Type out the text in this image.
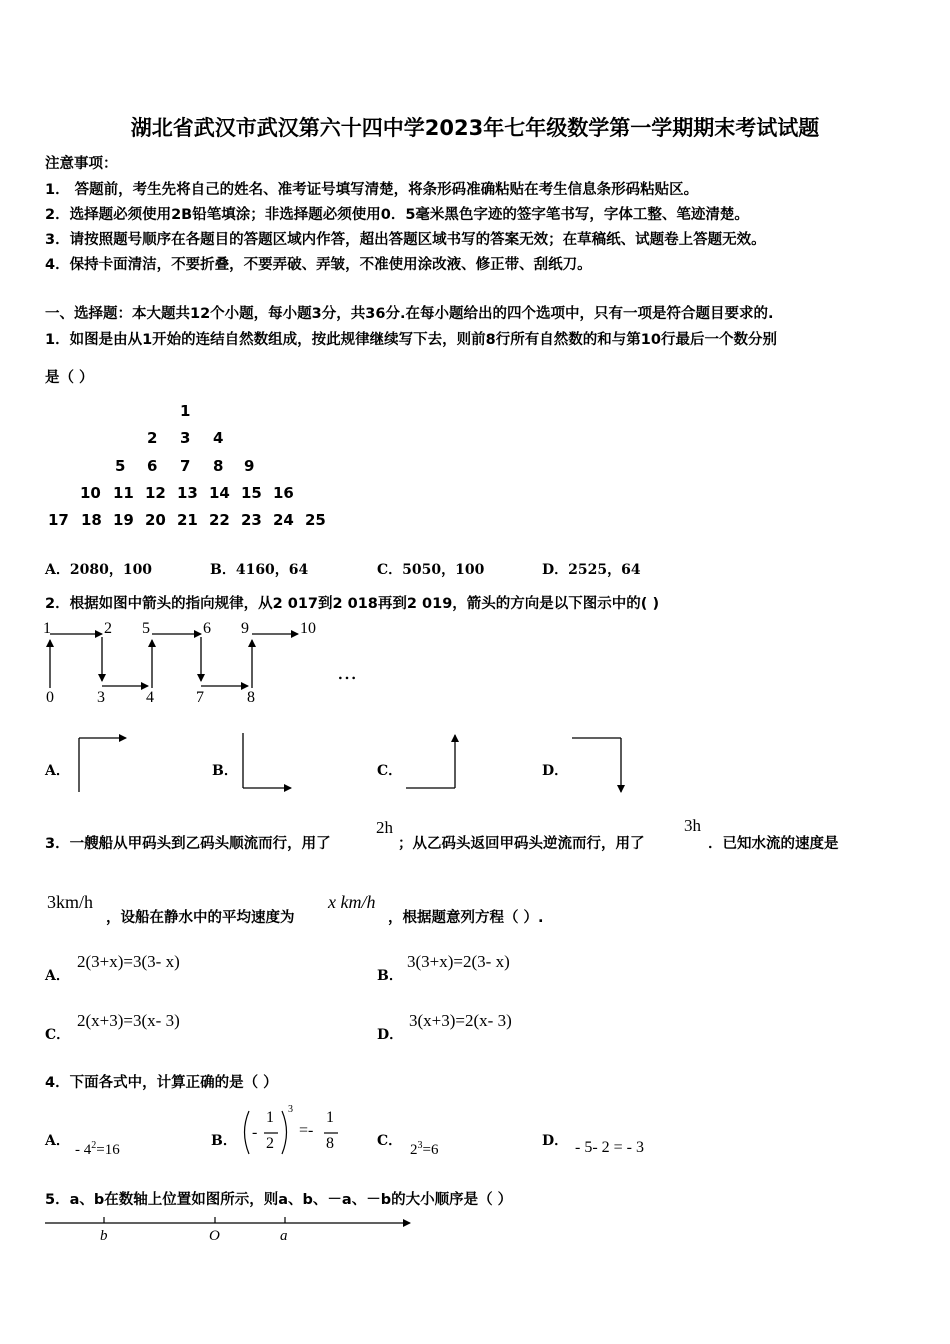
湖北省武汉市武汉第六十四中学2023年七年级数学第一学期期末考试试题
注意事项：
1． 答题前，考生先将自己的姓名、准考证号填写清楚，将条形码准确粘贴在考生信息条形码粘贴区。
2．选择题必须使用2B铅笔填涂；非选择题必须使用0．5毫米黑色字迹的签字笔书写，字体工整、笔迹清楚。
3．请按照题号顺序在各题目的答题区域内作答，超出答题区域书写的答案无效；在草稿纸、试题卷上答题无效。
4．保持卡面清洁，不要折叠，不要弄破、弄皱，不准使用涂改液、修正带、刮纸刀。
一、选择题：本大题共12个小题，每小题3分，共36分.在每小题给出的四个选项中，只有一项是符合题目要求的.
1．如图是由从1开始的连结自然数组成，按此规律继续写下去，则前8行所有自然数的和与第10行最后一个数分别
是（ ）
1
2 3 4
5 6 7 8 9
10 11 12 13 14 15 16
17 18 19 20 21 22 23 24 25
A．2080，100	B．4160，64	C．5050，100	D．2525，64
2．根据如图中箭头的指向规律，从2 017到2 018再到2 019，箭头的方向是以下图示中的( )
1	2 5	6 9	10
0	3	4	7	8
…
A．	B．	C．	D．
3．一艘船从甲码头到乙码头顺流而行，用了
2h
；从乙码头返回甲码头逆流而行，用了
3h
．已知水流的速度是
3km/h
，设船在静水中的平均速度为
x km/h
，根据题意列方程（ ）.
A．
2(3+x)=3(3- x)
B．
3(3+x)=2(3- x)
C．
2(x+3)=3(x- 3)
D．
3(x+3)=2(x- 3)
4．下面各式中，计算正确的是（ ）
A．
- $4^2=16$
B． -
1
2
3
=-
1
8	C．
$2^3=6$
D． - 5- 2 = - 3
5．a、b在数轴上位置如图所示，则a、b、－a、－b的大小顺序是（ ）
b	O	a
